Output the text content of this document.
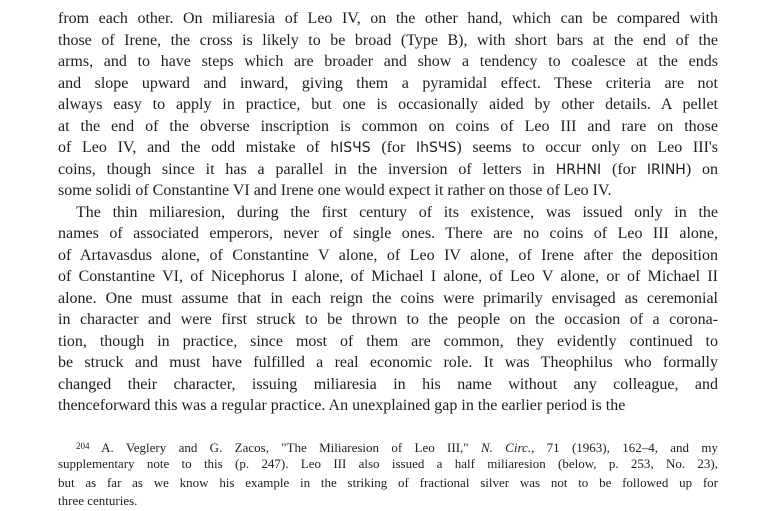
from each other. On miliaresia of Leo IV, on the other hand, which can be compared with
those of Irene, the cross is likely to be broad (Type B), with short bars at the end of the
arms, and to have steps which are broader and show a tendency to coalesce at the ends
and slope upward and inward, giving them a pyramidal effect. These criteria are not
always easy to apply in practice, but one is occasionally aided by other details. A pellet
at the end of the obverse inscription is common on coins of Leo III and rare on those
of Leo IV, and the odd mistake of hISЧS (for IhSЧS) seems to occur only on Leo III's
coins, though since it has a parallel in the inversion of letters in HRHNI (for IRINH) on
some solidi of Constantine VI and Irene one would expect it rather on those of Leo IV.
The thin miliaresion, during the first century of its existence, was issued only in the
names of associated emperors, never of single ones. There are no coins of Leo III alone,
of Artavasdus alone, of Constantine V alone, of Leo IV alone, of Irene after the deposition
of Constantine VI, of Nicephorus I alone, of Michael I alone, of Leo V alone, or of Michael II
alone. One must assume that in each reign the coins were primarily envisaged as ceremonial
in character and were first struck to be thrown to the people on the occasion of a corona-
tion, though in practice, since most of them are common, they evidently continued to
be struck and must have fulfilled a real economic role. It was Theophilus who formally
changed their character, issuing miliaresia in his name without any colleague, and
thenceforward this was a regular practice. An unexplained gap in the earlier period is the
$^{204}$ A. Veglery and G. Zacos, "The Miliaresion of Leo III," N. Circ., 71 (1963), 162–4, and my
supplementary note to this (p. 247). Leo III also issued a half miliaresion (below, p. 253, No. 23),
but as far as we know his example in the striking of fractional silver was not to be followed up for
three centuries.
